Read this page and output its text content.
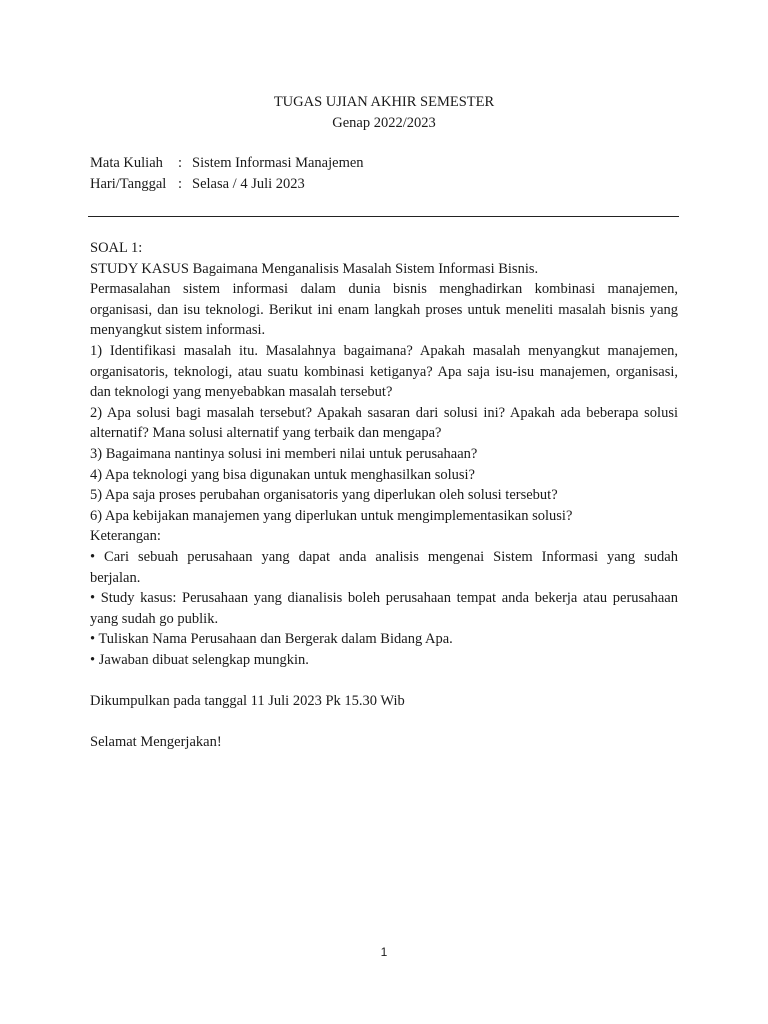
TUGAS UJIAN AKHIR SEMESTER
Genap 2022/2023
Mata Kuliah : Sistem Informasi Manajemen
Hari/Tanggal : Selasa / 4 Juli 2023
SOAL 1:
STUDY KASUS Bagaimana Menganalisis Masalah Sistem Informasi Bisnis.
Permasalahan sistem informasi dalam dunia bisnis menghadirkan kombinasi manajemen,
organisasi, dan isu teknologi. Berikut ini enam langkah proses untuk meneliti masalah bisnis yang
menyangkut sistem informasi.
1) Identifikasi masalah itu. Masalahnya bagaimana? Apakah masalah menyangkut manajemen,
organisatoris, teknologi, atau suatu kombinasi ketiganya? Apa saja isu-isu manajemen, organisasi,
dan teknologi yang menyebabkan masalah tersebut?
2) Apa solusi bagi masalah tersebut? Apakah sasaran dari solusi ini? Apakah ada beberapa solusi
alternatif? Mana solusi alternatif yang terbaik dan mengapa?
3) Bagaimana nantinya solusi ini memberi nilai untuk perusahaan?
4) Apa teknologi yang bisa digunakan untuk menghasilkan solusi?
5) Apa saja proses perubahan organisatoris yang diperlukan oleh solusi tersebut?
6) Apa kebijakan manajemen yang diperlukan untuk mengimplementasikan solusi?
Keterangan:
• Cari sebuah perusahaan yang dapat anda analisis mengenai Sistem Informasi yang sudah
berjalan.
• Study kasus: Perusahaan yang dianalisis boleh perusahaan tempat anda bekerja atau perusahaan
yang sudah go publik.
• Tuliskan Nama Perusahaan dan Bergerak dalam Bidang Apa.
• Jawaban dibuat selengkap mungkin.
Dikumpulkan pada tanggal 11 Juli 2023 Pk 15.30 Wib
Selamat Mengerjakan!
1
